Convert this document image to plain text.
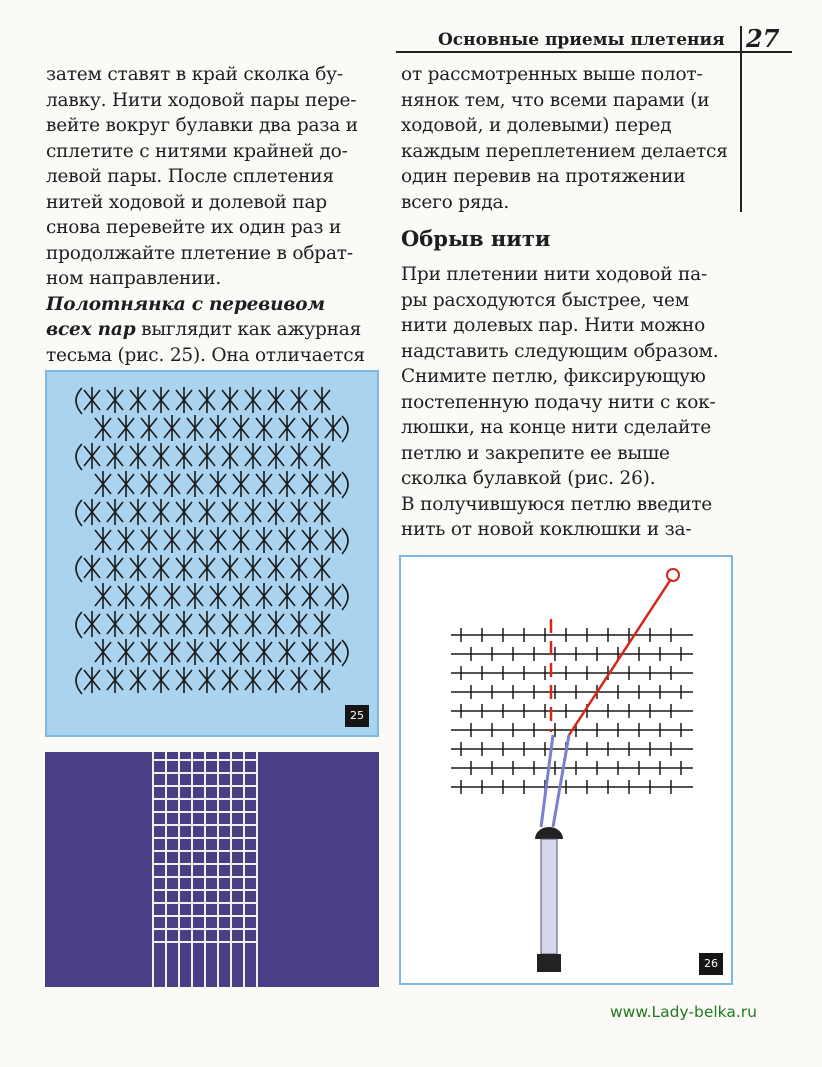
Основные приемы плетения 27
затем ставят в край сколка бу-
лавку. Нити ходовой пары пере-
вейте вокруг булавки два раза и
сплетите с нитями крайней до-
левой пары. После сплетения
нитей ходовой и долевой пар
снова перевейте их один раз и
продолжайте плетение в обрат-
ном направлении.
Полотнянка с перевивом
всех пар выглядит как ажурная
тесьма (рис. 25). Она отличается
от рассмотренных выше полот-
нянок тем, что всеми парами (и
ходовой, и долевыми) перед
каждым переплетением делается
один перевив на протяжении
всего ряда.
Обрыв нити
При плетении нити ходовой па-
ры расходуются быстрее, чем
нити долевых пар. Нити можно
надставить следующим образом.
Снимите петлю, фиксирующую
постепенную подачу нити с кок-
люшки, на конце нити сделайте
петлю и закрепите ее выше
сколка булавкой (рис. 26).
В получившуюся петлю введите
нить от новой коклюшки и за-
25
26
www.Lady-belka.ru
